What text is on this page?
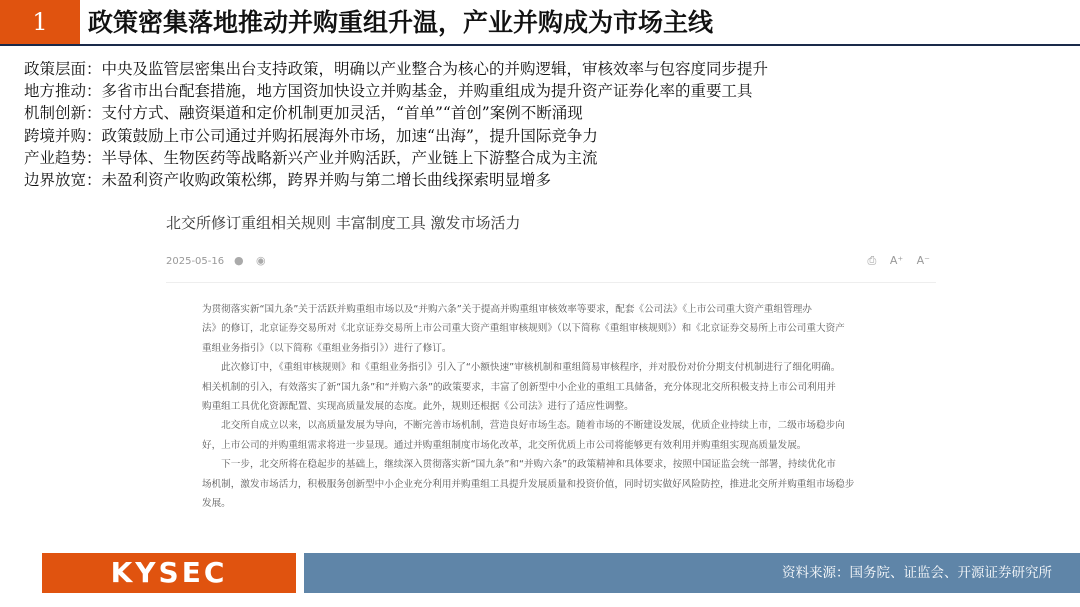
1	政策密集落地推动并购重组升温，产业并购成为市场主线
政策层面：中央及监管层密集出台支持政策，明确以产业整合为核心的并购逻辑，审核效率与包容度同步提升
地方推动：多省市出台配套措施，地方国资加快设立并购基金，并购重组成为提升资产证券化率的重要工具
机制创新：支付方式、融资渠道和定价机制更加灵活，“首单”“首创”案例不断涌现
跨境并购：政策鼓励上市公司通过并购拓展海外市场，加速“出海”，提升国际竞争力
产业趋势：半导体、生物医药等战略新兴产业并购活跃，产业链上下游整合成为主流
边界放宽：未盈利资产收购政策松绑，跨界并购与第二增长曲线探索明显增多
北交所修订重组相关规则 丰富制度工具 激发市场活力
2025-05-16 ● ◉	⎙ A⁺ A⁻
为贯彻落实新“国九条”关于活跃并购重组市场以及“并购六条”关于提高并购重组审核效率等要求，配套《公司法》《上市公司重大资产重组管理办
法》的修订，北京证券交易所对《北京证券交易所上市公司重大资产重组审核规则》（以下简称《重组审核规则》）和《北京证券交易所上市公司重大资产
重组业务指引》（以下简称《重组业务指引》）进行了修订。
　　此次修订中，《重组审核规则》和《重组业务指引》引入了“小额快速”审核机制和重组简易审核程序，并对股份对价分期支付机制进行了细化明确。
相关机制的引入，有效落实了新“国九条”和“并购六条”的政策要求，丰富了创新型中小企业的重组工具储备，充分体现北交所积极支持上市公司利用并
购重组工具优化资源配置、实现高质量发展的态度。此外，规则还根据《公司法》进行了适应性调整。
　　北交所自成立以来，以高质量发展为导向，不断完善市场机制，营造良好市场生态。随着市场的不断建设发展，优质企业持续上市，二级市场稳步向
好，上市公司的并购重组需求将进一步显现。通过并购重组制度市场化改革，北交所优质上市公司将能够更有效利用并购重组实现高质量发展。
　　下一步，北交所将在稳起步的基础上，继续深入贯彻落实新“国九条”和“并购六条”的政策精神和具体要求，按照中国证监会统一部署，持续优化市
场机制，激发市场活力，积极服务创新型中小企业充分利用并购重组工具提升发展质量和投资价值，同时切实做好风险防控，推进北交所并购重组市场稳步
发展。
KYSEC	资料来源：国务院、证监会、开源证券研究所
